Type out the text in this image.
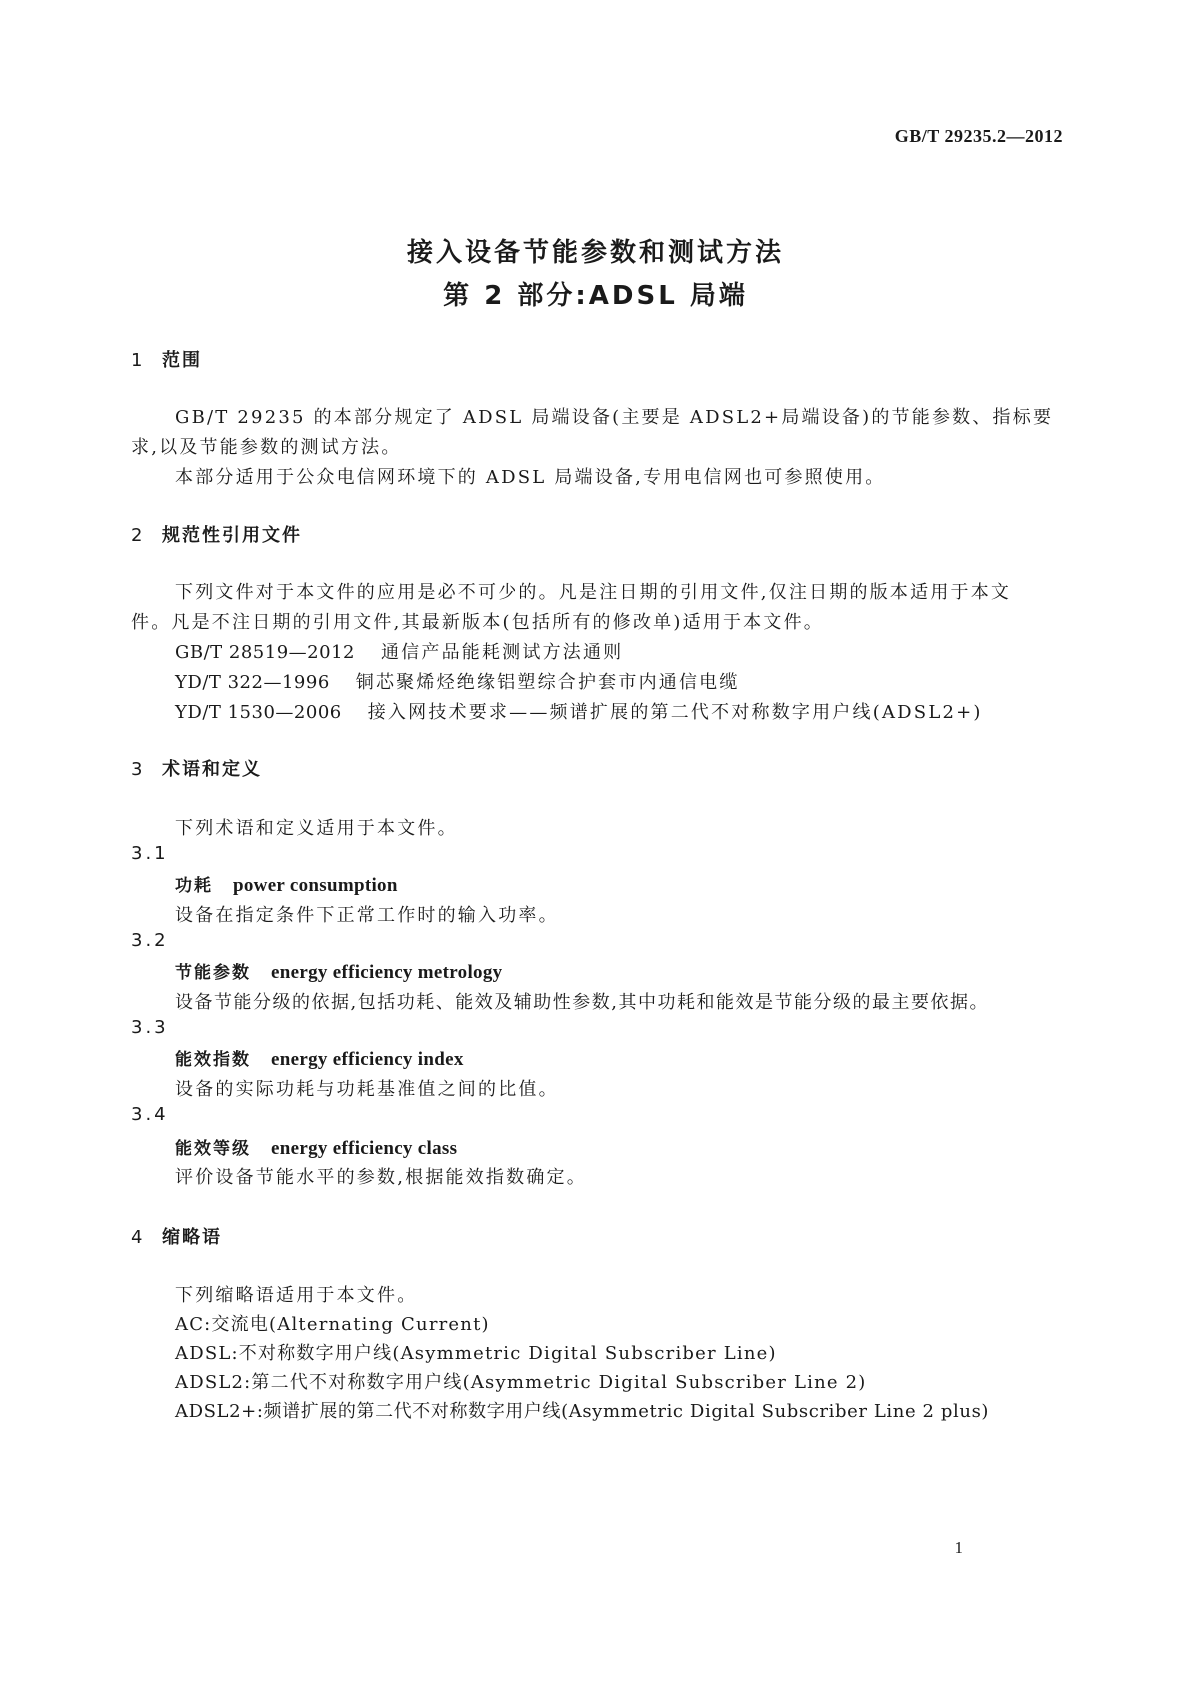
GB/T 29235.2—2012
接入设备节能参数和测试方法
第 2 部分:ADSL 局端
1 范围
GB/T 29235 的本部分规定了 ADSL 局端设备(主要是 ADSL2+局端设备)的节能参数、指标要
求,以及节能参数的测试方法。
本部分适用于公众电信网环境下的 ADSL 局端设备,专用电信网也可参照使用。
2 规范性引用文件
下列文件对于本文件的应用是必不可少的。凡是注日期的引用文件,仅注日期的版本适用于本文
件。凡是不注日期的引用文件,其最新版本(包括所有的修改单)适用于本文件。
GB/T 28519—2012 通信产品能耗测试方法通则
YD/T 322—1996 铜芯聚烯烃绝缘铝塑综合护套市内通信电缆
YD/T 1530—2006 接入网技术要求——频谱扩展的第二代不对称数字用户线(ADSL2+)
3 术语和定义
下列术语和定义适用于本文件。
3.1
功耗 power consumption
设备在指定条件下正常工作时的输入功率。
3.2
节能参数 energy efficiency metrology
设备节能分级的依据,包括功耗、能效及辅助性参数,其中功耗和能效是节能分级的最主要依据。
3.3
能效指数 energy efficiency index
设备的实际功耗与功耗基准值之间的比值。
3.4
能效等级 energy efficiency class
评价设备节能水平的参数,根据能效指数确定。
4 缩略语
下列缩略语适用于本文件。
AC:交流电(Alternating Current)
ADSL:不对称数字用户线(Asymmetric Digital Subscriber Line)
ADSL2:第二代不对称数字用户线(Asymmetric Digital Subscriber Line 2)
ADSL2+:频谱扩展的第二代不对称数字用户线(Asymmetric Digital Subscriber Line 2 plus)
1
